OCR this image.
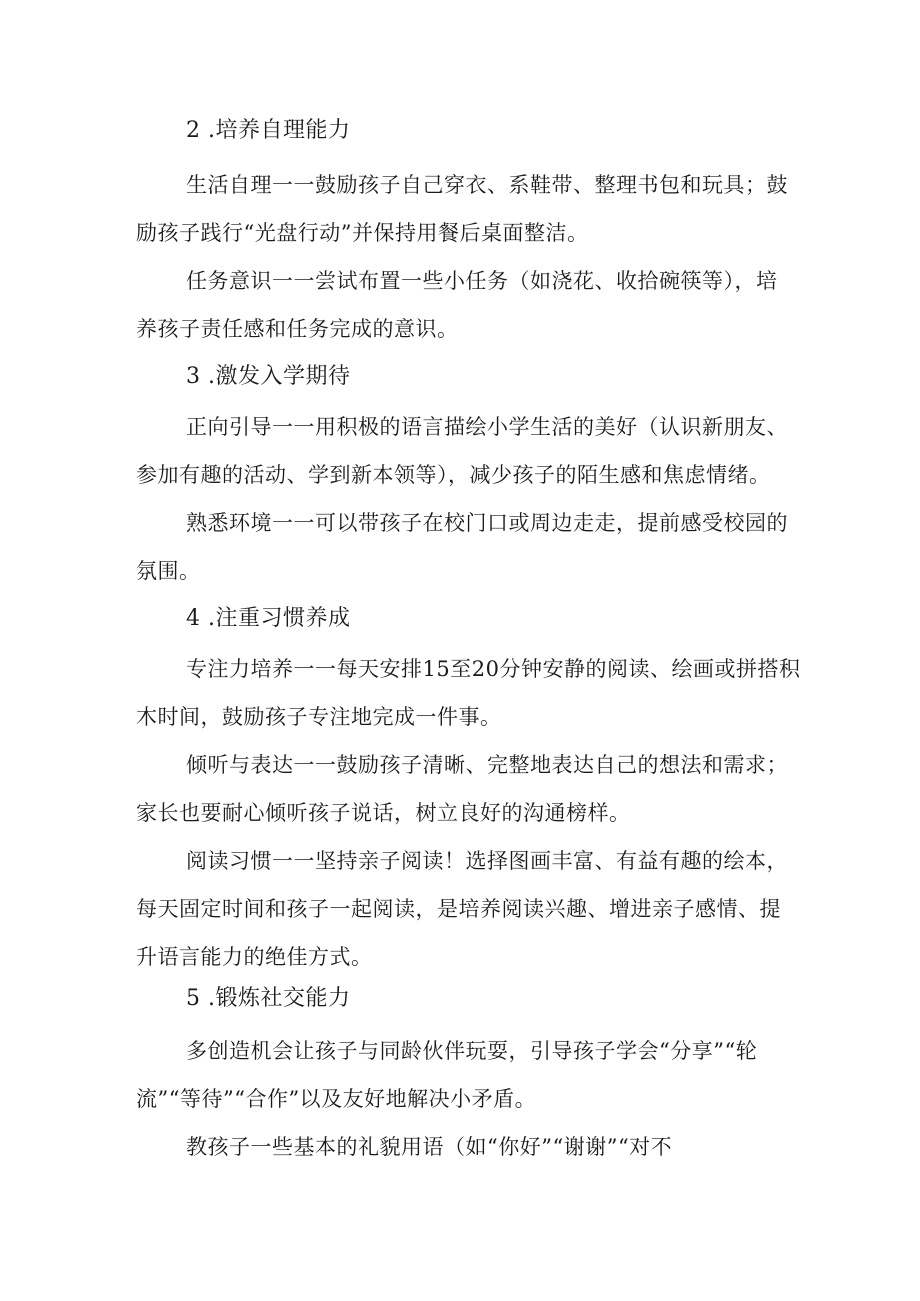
2 .培养自理能力
生活自理一一鼓励孩子自己穿衣、系鞋带、整理书包和玩具；鼓
励孩子践行“光盘行动”并保持用餐后桌面整洁。
任务意识一一尝试布置一些小任务（如浇花、收拾碗筷等），培
养孩子责任感和任务完成的意识。
3 .激发入学期待
正向引导一一用积极的语言描绘小学生活的美好（认识新朋友、
参加有趣的活动、学到新本领等），减少孩子的陌生感和焦虑情绪。
熟悉环境一一可以带孩子在校门口或周边走走，提前感受校园的
氛围。
4 .注重习惯养成
专注力培养一一每天安排15至20分钟安静的阅读、绘画或拼搭积
木时间，鼓励孩子专注地完成一件事。
倾听与表达一一鼓励孩子清晰、完整地表达自己的想法和需求；
家长也要耐心倾听孩子说话，树立良好的沟通榜样。
阅读习惯一一坚持亲子阅读！选择图画丰富、有益有趣的绘本，
每天固定时间和孩子一起阅读，是培养阅读兴趣、增进亲子感情、提
升语言能力的绝佳方式。
5 .锻炼社交能力
多创造机会让孩子与同龄伙伴玩耍，引导孩子学会“分享”“轮
流”“等待”“合作”以及友好地解决小矛盾。
教孩子一些基本的礼貌用语（如“你好”“谢谢”“对不
